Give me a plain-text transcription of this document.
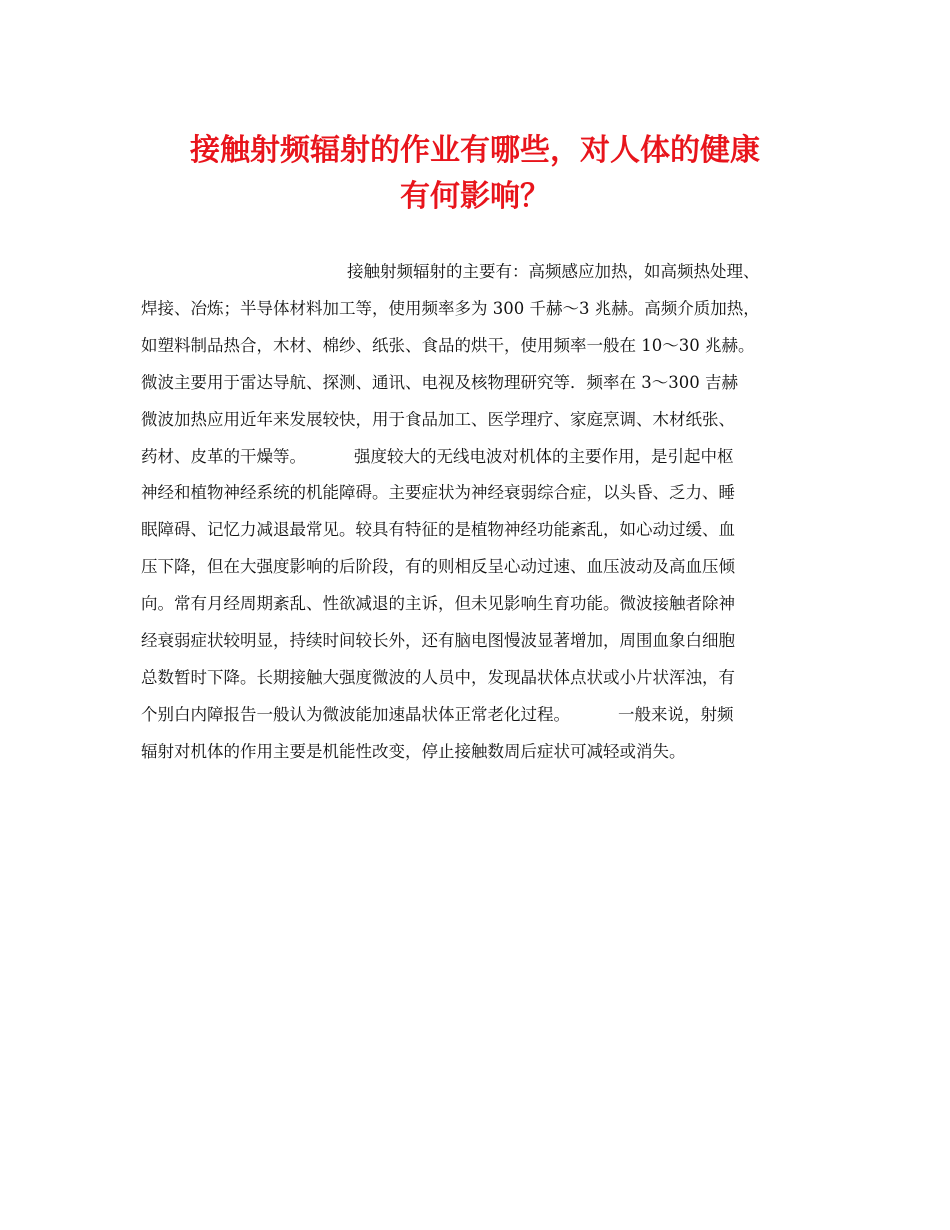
接触射频辐射的作业有哪些，对人体的健康
有何影响？
接触射频辐射的主要有：高频感应加热，如高频热处理、
焊接、冶炼；半导体材料加工等，使用频率多为 300 千赫～3 兆赫。高频介质加热，
如塑料制品热合，木材、棉纱、纸张、食品的烘干，使用频率一般在 10～30 兆赫。
微波主要用于雷达导航、探测、通讯、电视及核物理研究等．频率在 3～300 吉赫
微波加热应用近年来发展较快，用于食品加工、医学理疗、家庭烹调、木材纸张、
药材、皮革的干燥等。	强度较大的无线电波对机体的主要作用，是引起中枢
神经和植物神经系统的机能障碍。主要症状为神经衰弱综合症，以头昏、乏力、睡
眠障碍、记忆力减退最常见。较具有特征的是植物神经功能紊乱，如心动过缓、血
压下降，但在大强度影响的后阶段，有的则相反呈心动过速、血压波动及高血压倾
向。常有月经周期紊乱、性欲减退的主诉，但未见影响生育功能。微波接触者除神
经衰弱症状较明显，持续时间较长外，还有脑电图慢波显著增加，周围血象白细胞
总数暂时下降。长期接触大强度微波的人员中，发现晶状体点状或小片状浑浊，有
个别白内障报告一般认为微波能加速晶状体正常老化过程。	一般来说，射频
辐射对机体的作用主要是机能性改变，停止接触数周后症状可减轻或消失。
